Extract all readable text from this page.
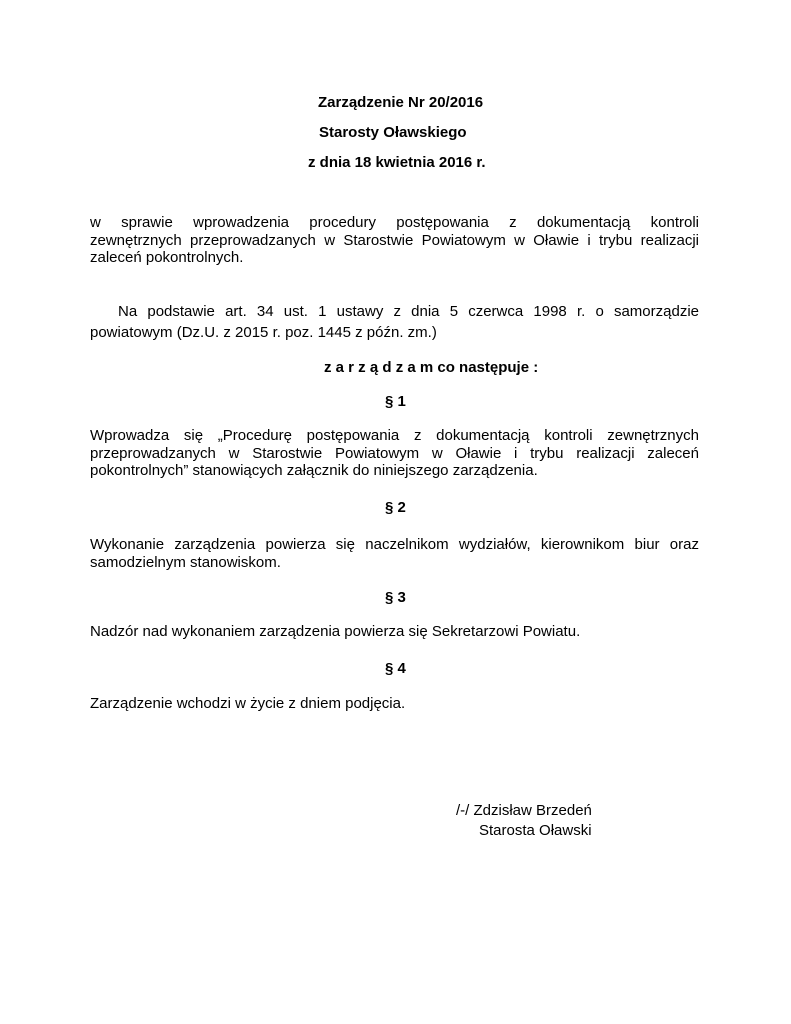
Zarządzenie Nr 20/2016

Starosty Oławskiego

z dnia 18 kwietnia 2016 r.

w sprawie wprowadzenia procedury postępowania z dokumentacją kontroli
zewnętrznych przeprowadzanych w Starostwie Powiatowym w Oławie i trybu realizacji
zaleceń pokontrolnych.
Na podstawie art. 34 ust. 1 ustawy z dnia 5 czerwca 1998 r. o samorządzie
powiatowym (Dz.U. z 2015 r. poz. 1445 z późn. zm.)

z a r z ą d z a m co następuje :

§ 1

Wprowadza się „Procedurę postępowania z dokumentacją kontroli zewnętrznych
przeprowadzanych w Starostwie Powiatowym w Oławie i trybu realizacji zaleceń
pokontrolnych” stanowiących załącznik do niniejszego zarządzenia.

§ 2

Wykonanie zarządzenia powierza się naczelnikom wydziałów, kierownikom biur oraz
samodzielnym stanowiskom.

§ 3

Nadzór nad wykonaniem zarządzenia powierza się Sekretarzowi Powiatu.

§ 4

Zarządzenie wchodzi w życie z dniem podjęcia.

/-/ Zdzisław Brzedeń

Starosta Oławski
